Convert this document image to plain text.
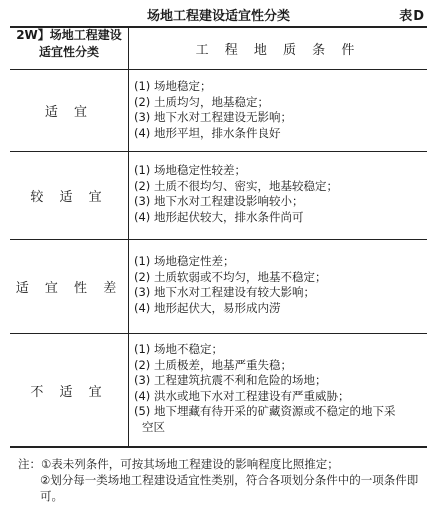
场地工程建设适宜性分类	表D
2W】场地工程建设
适宜性分类	工 程 地 质 条 件
适 宜
(1) 场地稳定；
(2) 土质均匀，地基稳定；
(3) 地下水对工程建设无影响；
(4) 地形平坦，排水条件良好
较 适 宜
(1) 场地稳定性较差；
(2) 土质不很均匀、密实，地基较稳定；
(3) 地下水对工程建设影响较小；
(4) 地形起伏较大，排水条件尚可
适 宜 性 差
(1) 场地稳定性差；
(2) 土质软弱或不均匀，地基不稳定；
(3) 地下水对工程建设有较大影响；
(4) 地形起伏大，易形成内涝
不 适 宜
(1) 场地不稳定；
(2) 土质极差，地基严重失稳；
(3) 工程建筑抗震不利和危险的场地；
(4) 洪水或地下水对工程建设有严重威胁；
(5) 地下埋藏有待开采的矿藏资源或不稳定的地下采
空区
注：①表未列条件，可按其场地工程建设的影响程度比照推定；
②划分每一类场地工程建设适宜性类别，符合各项划分条件中的一项条件即
可。
